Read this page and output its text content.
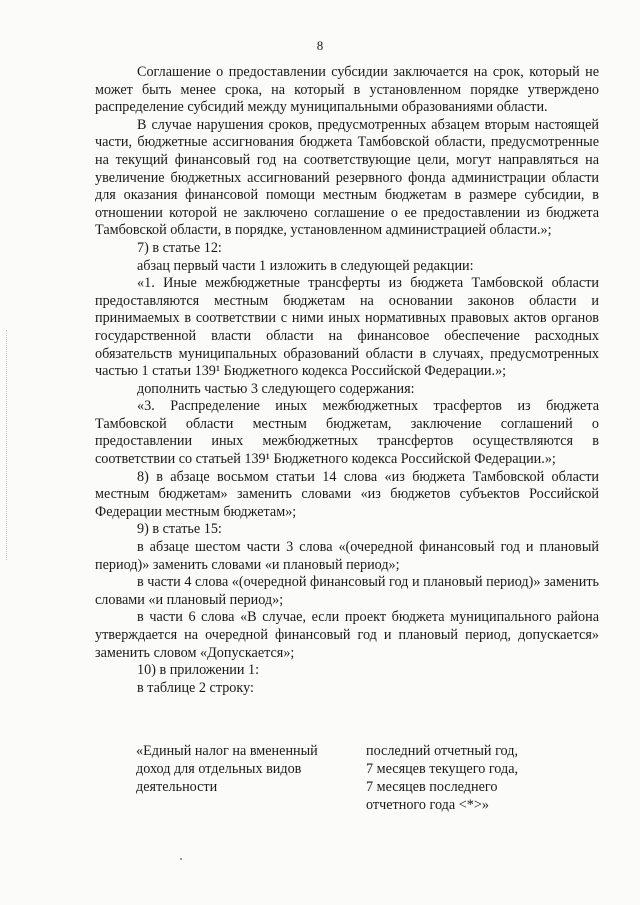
8

Соглашение о предоставлении субсидии заключается на срок, который не может быть менее срока, на который в установленном порядке утверждено распределение субсидий между муниципальными образованиями области.

В случае нарушения сроков, предусмотренных абзацем вторым настоящей части, бюджетные ассигнования бюджета Тамбовской области, предусмотренные на текущий финансовый год на соответствующие цели, могут направляться на увеличение бюджетных ассигнований резервного фонда администрации области для оказания финансовой помощи местным бюджетам в размере субсидии, в отношении которой не заключено соглашение о ее предоставлении из бюджета Тамбовской области, в порядке, установленном администрацией области.»;

7) в статье 12:

абзац первый части 1 изложить в следующей редакции:

«1. Иные межбюджетные трансферты из бюджета Тамбовской области предоставляются местным бюджетам на основании законов области и принимаемых в соответствии с ними иных нормативных правовых актов органов государственной власти области на финансовое обеспечение расходных обязательств муниципальных образований области в случаях, предусмотренных частью 1 статьи 139¹ Бюджетного кодекса Российской Федерации.»;

дополнить частью 3 следующего содержания:

«3. Распределение иных межбюджетных трасфертов из бюджета Тамбовской области местным бюджетам, заключение соглашений о предоставлении иных межбюджетных трансфертов осуществляются в соответствии со статьей 139¹ Бюджетного кодекса Российской Федерации.»;

8) в абзаце восьмом статьи 14 слова «из бюджета Тамбовской области местным бюджетам» заменить словами «из бюджетов субъектов Российской Федерации местным бюджетам»;

9) в статье 15:

в абзаце шестом части 3 слова «(очередной финансовый год и плановый период)» заменить словами «и плановый период»;

в части 4 слова «(очередной финансовый год и плановый период)» заменить словами «и плановый период»;

в части 6 слова «В случае, если проект бюджета муниципального района утверждается на очередной финансовый год и плановый период, допускается» заменить словом «Допускается»;

10) в приложении 1:

в таблице 2 строку:

«Единый налог на вмененный
доход для отдельных видов
деятельности
последний отчетный год,
7 месяцев текущего года,
7 месяцев последнего
отчетного года <*>»
